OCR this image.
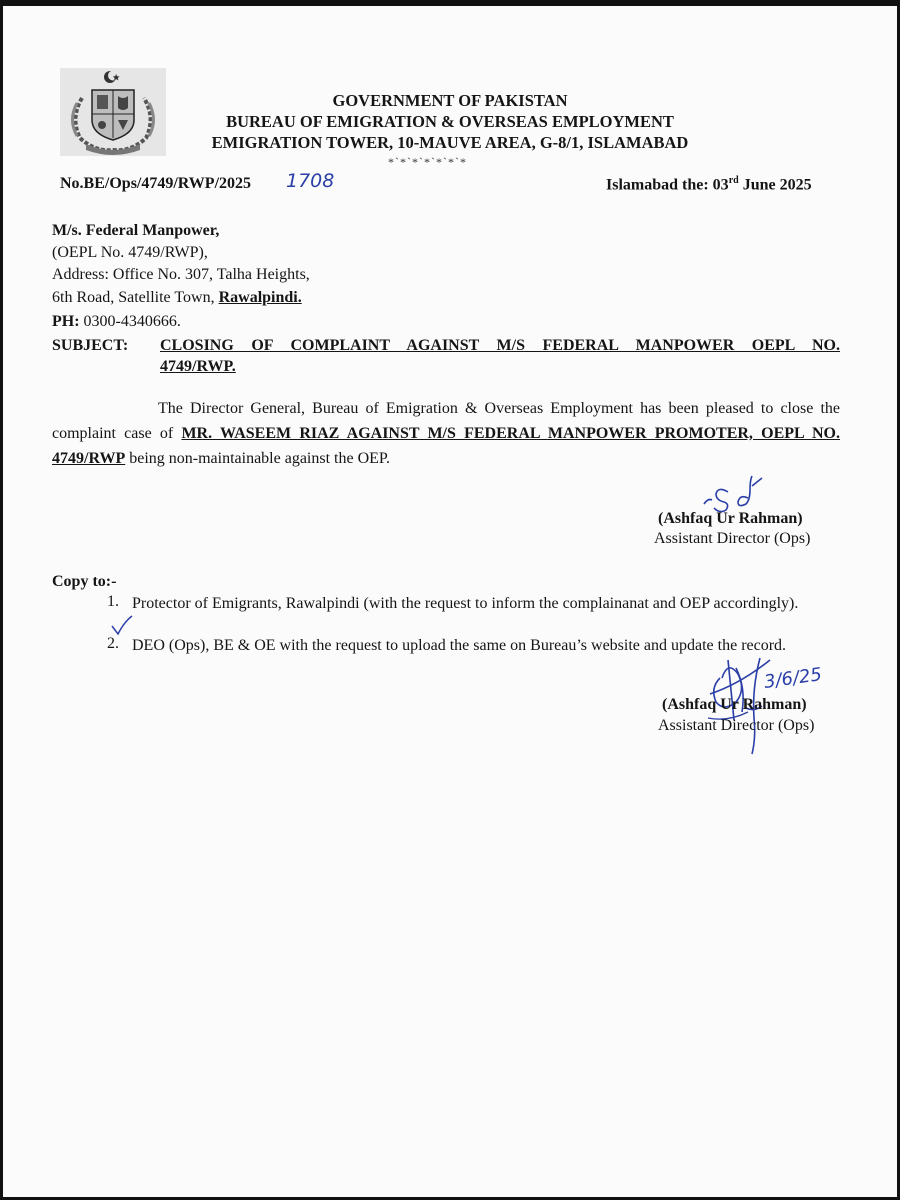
GOVERNMENT OF PAKISTAN
BUREAU OF EMIGRATION & OVERSEAS EMPLOYMENT
EMIGRATION TOWER, 10-MAUVE AREA, G-8/1, ISLAMABAD
*`*`*`*`*`*`*
No.BE/Ops/4749/RWP/2025 1708	Islamabad the: 03rd June 2025
M/s. Federal Manpower,
(OEPL No. 4749/RWP),
Address: Office No. 307, Talha Heights,
6th Road, Satellite Town, Rawalpindi.
PH: 0300-4340666.
SUBJECT: CLOSING OF COMPLAINT AGAINST M/S FEDERAL MANPOWER OEPL NO.
4749/RWP.
The Director General, Bureau of Emigration & Overseas Employment has been pleased to close the complaint case of MR. WASEEM RIAZ AGAINST M/S FEDERAL MANPOWER PROMOTER, OEPL NO. 4749/RWP being non-maintainable against the OEP.
(Ashfaq Ur Rahman)
Assistant Director (Ops)
Copy to:-
1. Protector of Emigrants, Rawalpindi (with the request to inform the complainanat and OEP accordingly).
2. DEO (Ops), BE & OE with the request to upload the same on Bureau’s website and update the record.
3/6/25
(Ashfaq Ur Rahman)
Assistant Director (Ops)
